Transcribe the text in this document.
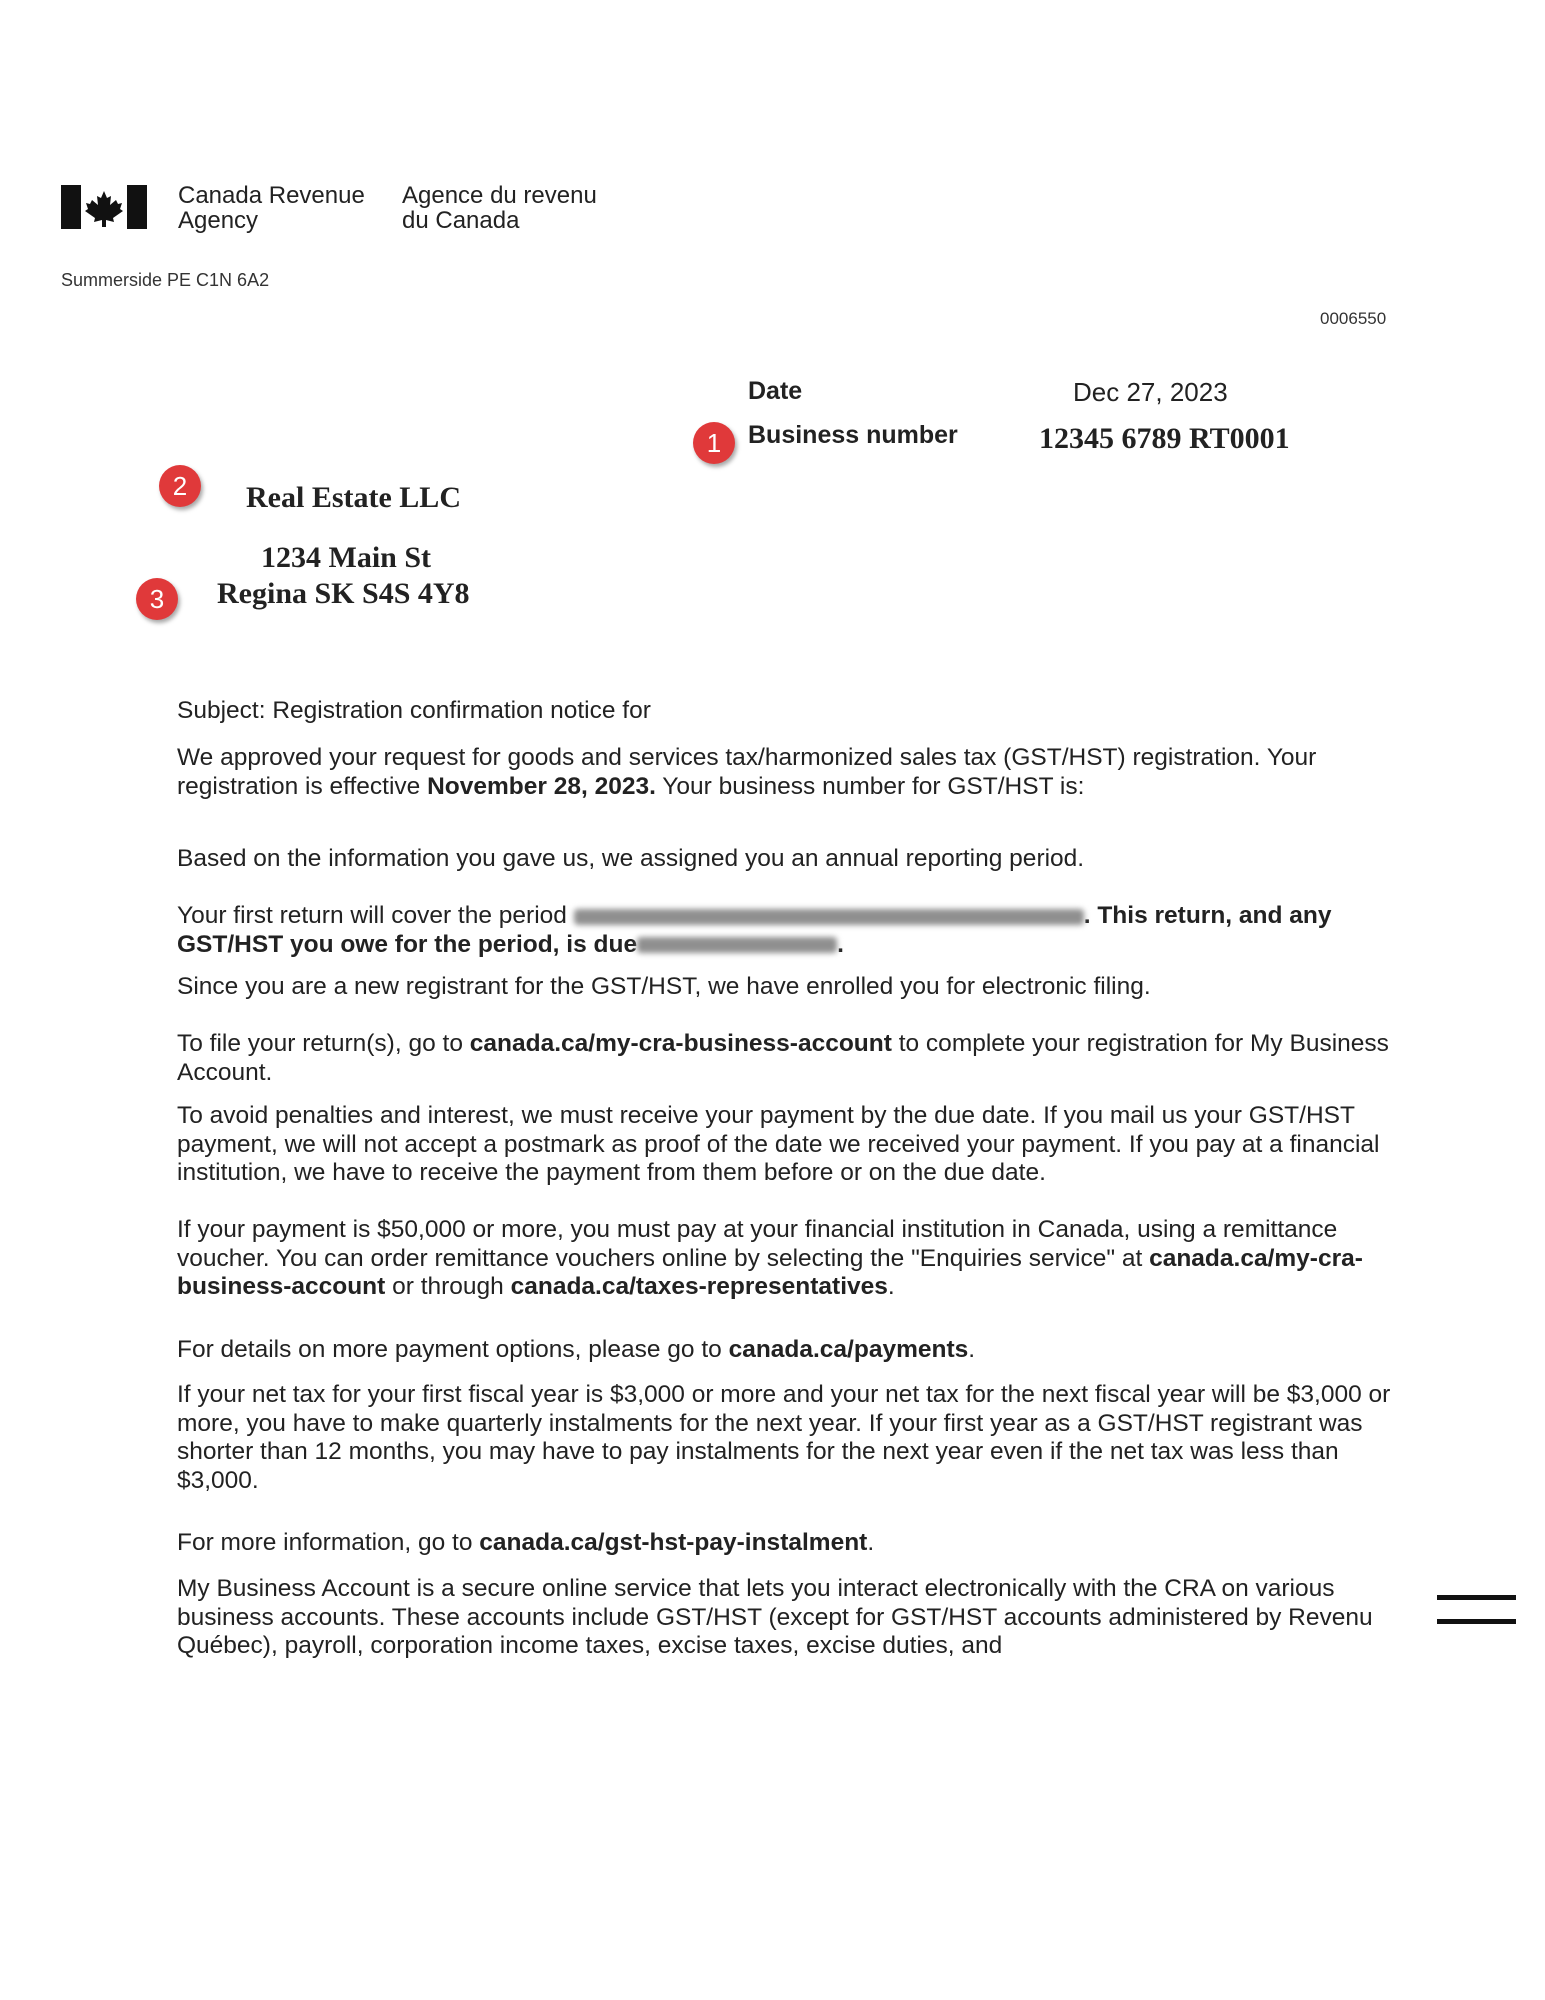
Canada Revenue
Agency
Agence du revenu
du Canada
Summerside PE C1N 6A2
0006550
Date	Dec 27, 2023
Business number	12345 6789 RT0001
Real Estate LLC
1234 Main St
Regina SK S4S 4Y8
1
2
3
Subject: Registration confirmation notice for
We approved your request for goods and services tax/harmonized sales tax (GST/HST) registration. Your registration is effective November 28, 2023. Your business number for GST/HST is:
Based on the information you gave us, we assigned you an annual reporting period.
Your first return will cover the period	. This return, and any GST/HST you owe for the period, is due	.
Since you are a new registrant for the GST/HST, we have enrolled you for electronic filing.
To file your return(s), go to canada.ca/my-cra-business-account to complete your registration for My Business Account.
To avoid penalties and interest, we must receive your payment by the due date. If you mail us your GST/HST payment, we will not accept a postmark as proof of the date we received your payment. If you pay at a financial institution, we have to receive the payment from them before or on the due date.
If your payment is $50,000 or more, you must pay at your financial institution in Canada, using a remittance voucher. You can order remittance vouchers online by selecting the "Enquiries service" at canada.ca/my-cra-business-account or through canada.ca/taxes-representatives.
For details on more payment options, please go to canada.ca/payments.
If your net tax for your first fiscal year is $3,000 or more and your net tax for the next fiscal year will be $3,000 or more, you have to make quarterly instalments for the next year. If your first year as a GST/HST registrant was shorter than 12 months, you may have to pay instalments for the next year even if the net tax was less than $3,000.
For more information, go to canada.ca/gst-hst-pay-instalment.
My Business Account is a secure online service that lets you interact electronically with the CRA on various business accounts. These accounts include GST/HST (except for GST/HST accounts administered by Revenu Québec), payroll, corporation income taxes, excise taxes, excise duties, and
